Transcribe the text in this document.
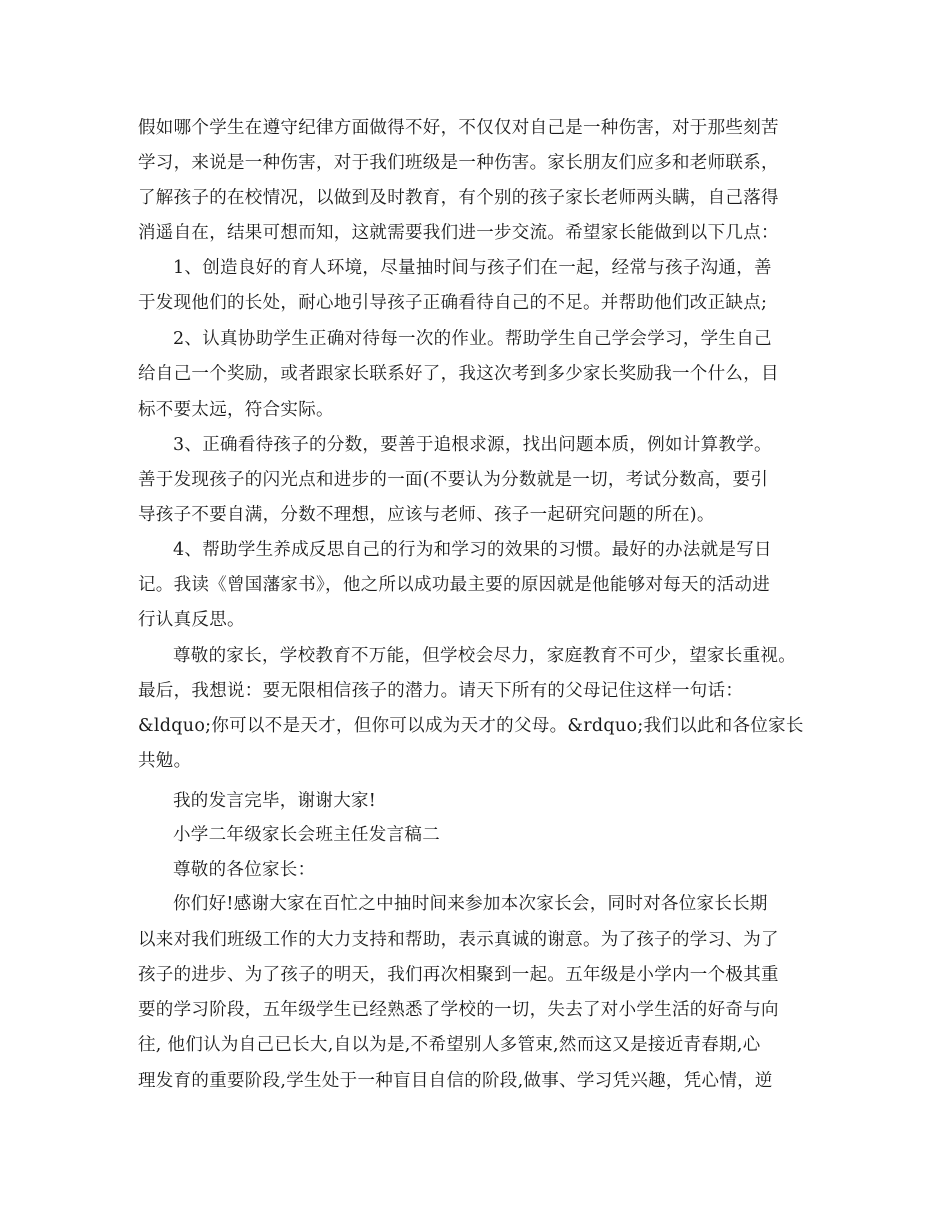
假如哪个学生在遵守纪律方面做得不好，不仅仅对自己是一种伤害，对于那些刻苦
学习，来说是一种伤害，对于我们班级是一种伤害。家长朋友们应多和老师联系，
了解孩子的在校情况，以做到及时教育，有个别的孩子家长老师两头瞒，自己落得
消遥自在，结果可想而知，这就需要我们进一步交流。希望家长能做到以下几点：
1、创造良好的育人环境，尽量抽时间与孩子们在一起，经常与孩子沟通，善
于发现他们的长处，耐心地引导孩子正确看待自己的不足。并帮助他们改正缺点;
2、认真协助学生正确对待每一次的作业。帮助学生自己学会学习，学生自己
给自己一个奖励，或者跟家长联系好了，我这次考到多少家长奖励我一个什么，目
标不要太远，符合实际。
3、正确看待孩子的分数，要善于追根求源，找出问题本质，例如计算教学。
善于发现孩子的闪光点和进步的一面(不要认为分数就是一切，考试分数高，要引
导孩子不要自满，分数不理想，应该与老师、孩子一起研究问题的所在)。
4、帮助学生养成反思自己的行为和学习的效果的习惯。最好的办法就是写日
记。我读《曾国藩家书》，他之所以成功最主要的原因就是他能够对每天的活动进
行认真反思。
尊敬的家长，学校教育不万能，但学校会尽力，家庭教育不可少，望家长重视。
最后，我想说：要无限相信孩子的潜力。请天下所有的父母记住这样一句话：
&ldquo;你可以不是天才，但你可以成为天才的父母。&rdquo;我们以此和各位家长
共勉。
我的发言完毕，谢谢大家!
小学二年级家长会班主任发言稿二
尊敬的各位家长：
你们好!感谢大家在百忙之中抽时间来参加本次家长会，同时对各位家长长期
以来对我们班级工作的大力支持和帮助，表示真诚的谢意。为了孩子的学习、为了
孩子的进步、为了孩子的明天，我们再次相聚到一起。五年级是小学内一个极其重
要的学习阶段，五年级学生已经熟悉了学校的一切，失去了对小学生活的好奇与向
往, 他们认为自己已长大,自以为是,不希望别人多管束,然而这又是接近青春期,心
理发育的重要阶段,学生处于一种盲目自信的阶段,做事、学习凭兴趣，凭心情，逆
